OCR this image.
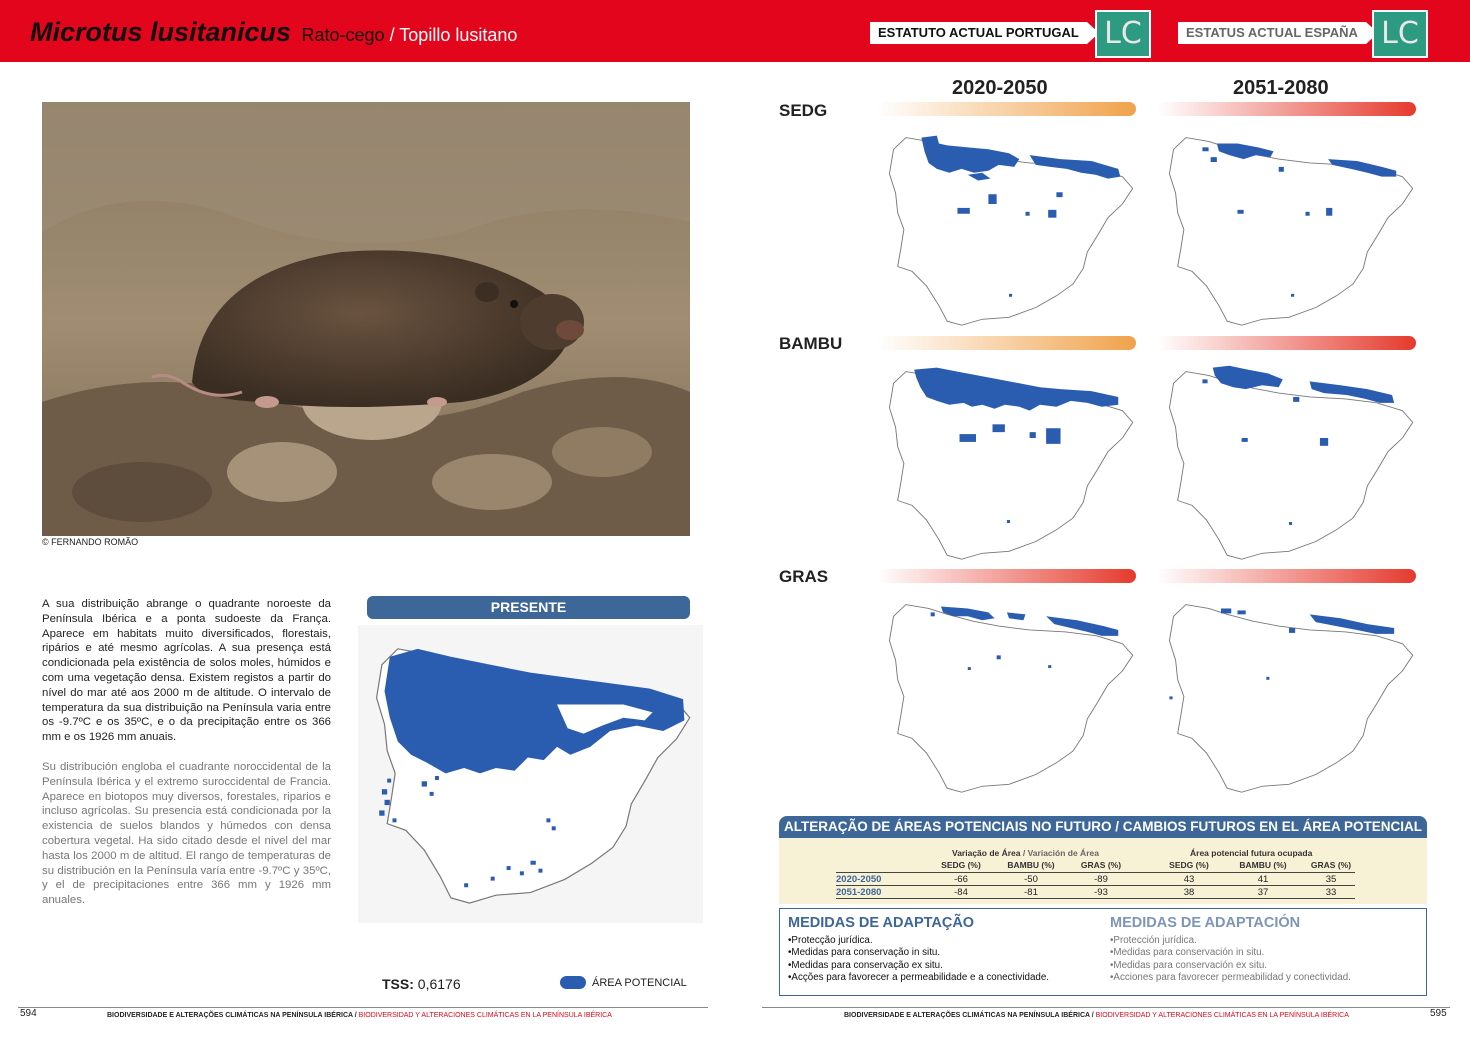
Microtus lusitanicus Rato-cego / Topillo lusitano	ESTATUTO ACTUAL PORTUGAL LC	ESTATUS ACTUAL ESPAÑA LC
© FERNANDO ROMÃO
A sua distribuição abrange o quadrante noroeste da Península Ibérica e a ponta sudoeste da França. Aparece em habitats muito diversificados, florestais, ripários e até mesmo agrícolas. A sua presença está condicionada pela existência de solos moles, húmidos e com uma vegetação densa. Existem registos a partir do nível do mar até aos 2000 m de altitude. O intervalo de temperatura da sua distribuição na Península varia entre os -9.7ºC e os 35ºC, e o da precipitação entre os 366 mm e os 1926 mm anuais.
Su distribución engloba el cuadrante noroccidental de la Península Ibérica y el extremo suroccidental de Francia. Aparece en biotopos muy diversos, forestales, riparios e incluso agrícolas. Su presencia está condicionada por la existencia de suelos blandos y húmedos con densa cobertura vegetal. Ha sido citado desde el nivel del mar hasta los 2000 m de altitud. El rango de temperaturas de su distribución en la Península varía entre -9.7ºC y 35ºC, y el de precipitaciones entre 366 mm y 1926 mm anuales.
PRESENTE
TSS: 0,6176	ÁREA POTENCIAL
2020-2050	2051-2080
SEDG
BAMBU
GRAS
ALTERAÇÃO DE ÁREAS POTENCIAIS NO FUTURO / CAMBIOS FUTUROS EN EL ÁREA POTENCIAL
Variação de Área / Variación de Área	Área potencial futura ocupada
SEDG (%)	BAMBU (%)	GRAS (%)	SEDG (%)	BAMBU (%)	GRAS (%)
2020-2050	-66	-50	-89	43	41	35
2051-2080	-84	-81	-93	38	37	33
MEDIDAS DE ADAPTAÇÃO
•Protecção jurídica.
•Medidas para conservação in situ.
•Medidas para conservação ex situ.
•Acções para favorecer a permeabilidade e a conectividade.
MEDIDAS DE ADAPTACIÓN
•Protección jurídica.
•Medidas para conservación in situ.
•Medidas para conservación ex situ.
•Acciones para favorecer permeabilidad y conectividad.
594	595
BIODIVERSIDADE E ALTERAÇÕES CLIMÁTICAS NA PENÍNSULA IBÉRICA / BIODIVERSIDAD Y ALTERACIONES CLIMÁTICAS EN LA PENÍNSULA IBÉRICA	BIODIVERSIDADE E ALTERAÇÕES CLIMÁTICAS NA PENÍNSULA IBÉRICA / BIODIVERSIDAD Y ALTERACIONES CLIMÁTICAS EN LA PENÍNSULA IBÉRICA
